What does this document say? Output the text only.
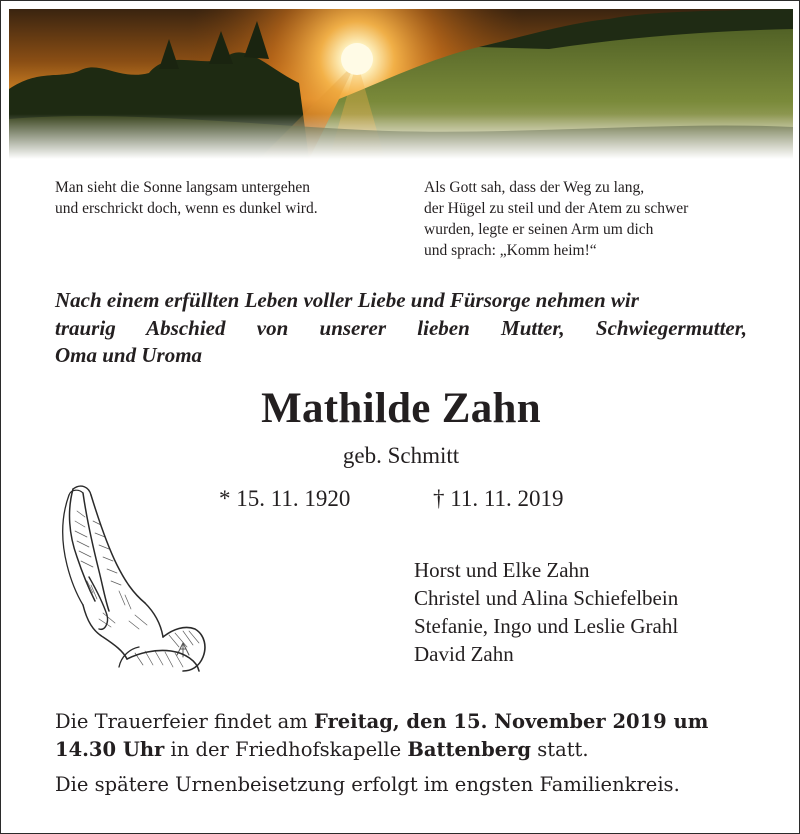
Man sieht die Sonne langsam untergehen
und erschrickt doch, wenn es dunkel wird.

Als Gott sah, dass der Weg zu lang,
der Hügel zu steil und der Atem zu schwer
wurden, legte er seinen Arm um dich
und sprach: „Komm heim!“

Nach einem erfüllten Leben voller Liebe und Fürsorge nehmen wir
traurig Abschied von unserer lieben Mutter, Schwiegermutter,
Oma und Uroma
Mathilde Zahn
geb. Schmitt
* 15. 11. 1920	† 11. 11. 2019
Horst und Elke Zahn
Christel und Alina Schiefelbein
Stefanie, Ingo und Leslie Grahl
David Zahn
Die Trauerfeier findet am Freitag, den 15. November 2019 um
14.30 Uhr in der Friedhofskapelle Battenberg statt.
Die spätere Urnenbeisetzung erfolgt im engsten Familienkreis.
